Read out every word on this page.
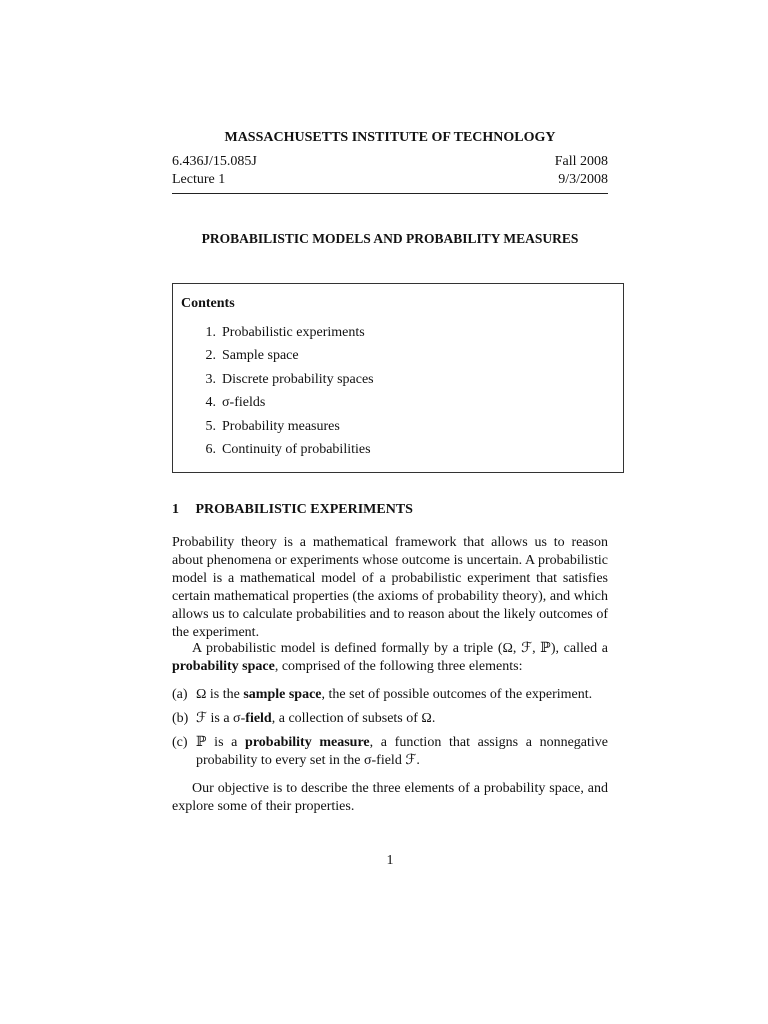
MASSACHUSETTS INSTITUTE OF TECHNOLOGY
6.436J/15.085J	Fall 2008
Lecture 1	9/3/2008
PROBABILISTIC MODELS AND PROBABILITY MEASURES
Contents
1. Probabilistic experiments
2. Sample space
3. Discrete probability spaces
4. σ-fields
5. Probability measures
6. Continuity of probabilities
1 PROBABILISTIC EXPERIMENTS
Probability theory is a mathematical framework that allows us to reason about phenomena or experiments whose outcome is uncertain. A probabilistic model is a mathematical model of a probabilistic experiment that satisfies certain mathematical properties (the axioms of probability theory), and which allows us to calculate probabilities and to reason about the likely outcomes of the experiment.
A probabilistic model is defined formally by a triple (Ω, ℱ, ℙ), called a probability space, comprised of the following three elements:
(a) Ω is the sample space, the set of possible outcomes of the experiment.
(b) ℱ is a σ-field, a collection of subsets of Ω.
(c) ℙ is a probability measure, a function that assigns a nonnegative probability to every set in the σ-field ℱ.
Our objective is to describe the three elements of a probability space, and explore some of their properties.
1
